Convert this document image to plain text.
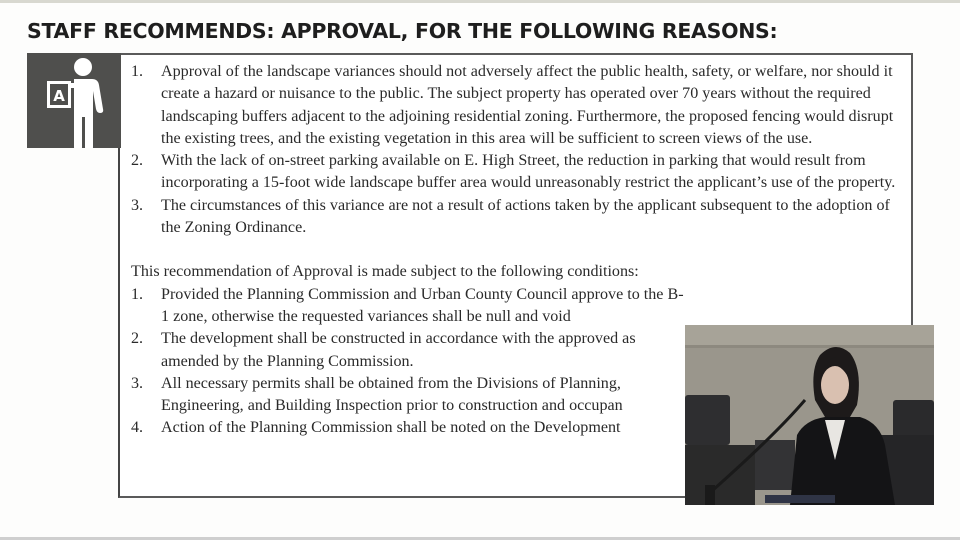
STAFF RECOMMENDS: APPROVAL, FOR THE FOLLOWING REASONS:
A
1. Approval of the landscape variances should not adversely affect the public health, safety, or welfare, nor should it create a hazard or nuisance to the public. The subject property has operated over 70 years without the required landscaping buffers adjacent to the adjoining residential zoning. Furthermore, the proposed fencing would disrupt the existing trees, and the existing vegetation in this area will be sufficient to screen views of the use.
2. With the lack of on-street parking available on E. High Street, the reduction in parking that would result from incorporating a 15-foot wide landscape buffer area would unreasonably restrict the applicant’s use of the property.
3. The circumstances of this variance are not a result of actions taken by the applicant subsequent to the adoption of the Zoning Ordinance.
This recommendation of Approval is made subject to the following conditions:
1. Provided the Planning Commission and Urban County Council approve to the B-1 zone, otherwise the requested variances shall be null and void
2. The development shall be constructed in accordance with the approved as amended by the Planning Commission.
3. All necessary permits shall be obtained from the Divisions of Planning, Engineering, and Building Inspection prior to construction and occupan
4. Action of the Planning Commission shall be noted on the Development
